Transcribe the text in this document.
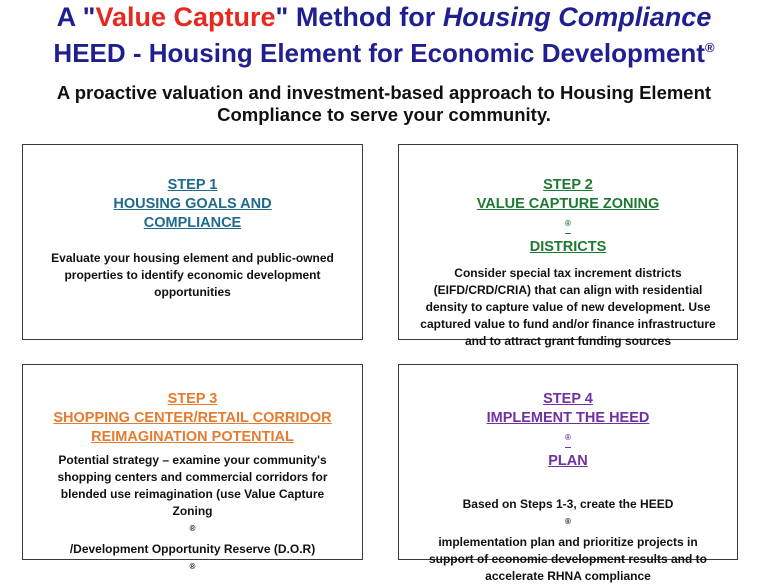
A "Value Capture" Method for Housing Compliance
HEED - Housing Element for Economic Development®
A proactive valuation and investment-based approach to Housing Element
Compliance to serve your community.
STEP 1
HOUSING GOALS AND
COMPLIANCE
Evaluate your housing element and public-owned
properties to identify economic development
opportunities
STEP 2
VALUE CAPTURE ZONING
®
DISTRICTS
Consider special tax increment districts
(EIFD/CRD/CRIA) that can align with residential
density to capture value of new development. Use
captured value to fund and/or finance infrastructure
and to attract grant funding sources
STEP 3
SHOPPING CENTER/RETAIL CORRIDOR
REIMAGINATION POTENTIAL
Potential strategy – examine your community's
shopping centers and commercial corridors for
blended use reimagination (use Value Capture
Zoning
®
/Development Opportunity Reserve (D.O.R)
®
STEP 4
IMPLEMENT THE HEED
®
PLAN
Based on Steps 1-3, create the HEED
®
implementation plan and prioritize projects in
support of economic development results and to
accelerate RHNA compliance
